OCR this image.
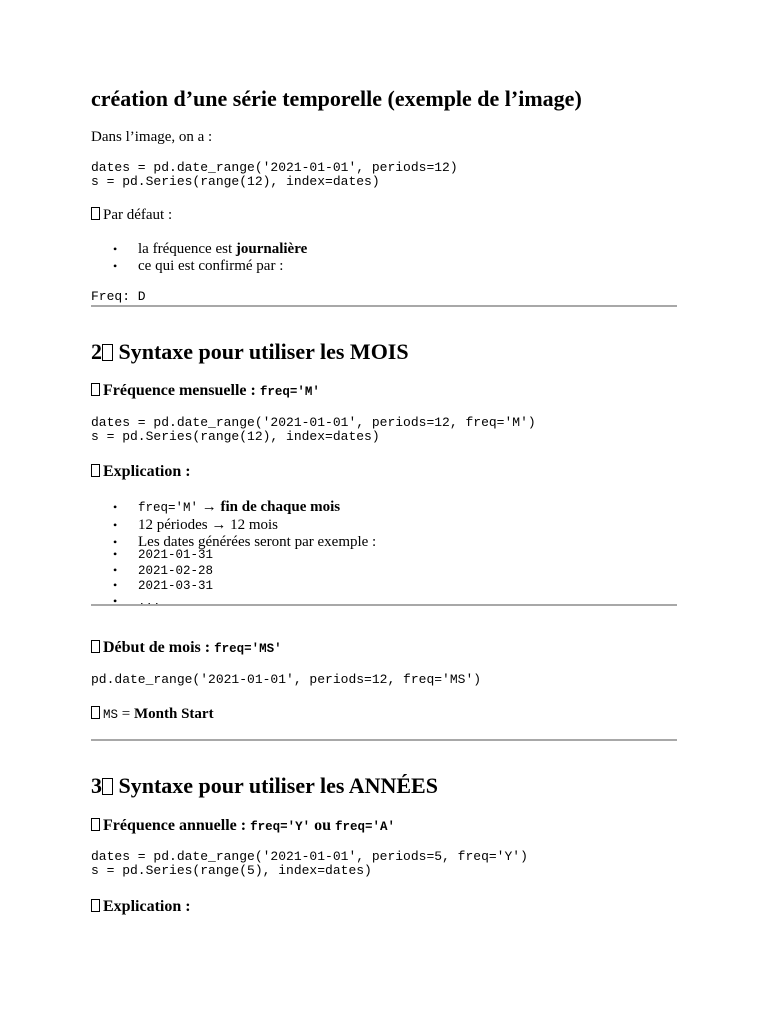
création d’une série temporelle (exemple de l’image)
Dans l’image, on a :
dates = pd.date_range('2021-01-01', periods=12)
s = pd.Series(range(12), index=dates)
Par défaut :
• la fréquence est journalière
• ce qui est confirmé par :
Freq: D
2 Syntaxe pour utiliser les MOIS
Fréquence mensuelle : freq='M'
dates = pd.date_range('2021-01-01', periods=12, freq='M')
s = pd.Series(range(12), index=dates)
Explication :
• freq='M' → fin de chaque mois
• 12 périodes → 12 mois
• Les dates générées seront par exemple :
• 2021-01-31
• 2021-02-28
• 2021-03-31
• ...
Début de mois : freq='MS'
pd.date_range('2021-01-01', periods=12, freq='MS')
MS = Month Start
3 Syntaxe pour utiliser les ANNÉES
Fréquence annuelle : freq='Y' ou freq='A'
dates = pd.date_range('2021-01-01', periods=5, freq='Y')
s = pd.Series(range(5), index=dates)
Explication :
